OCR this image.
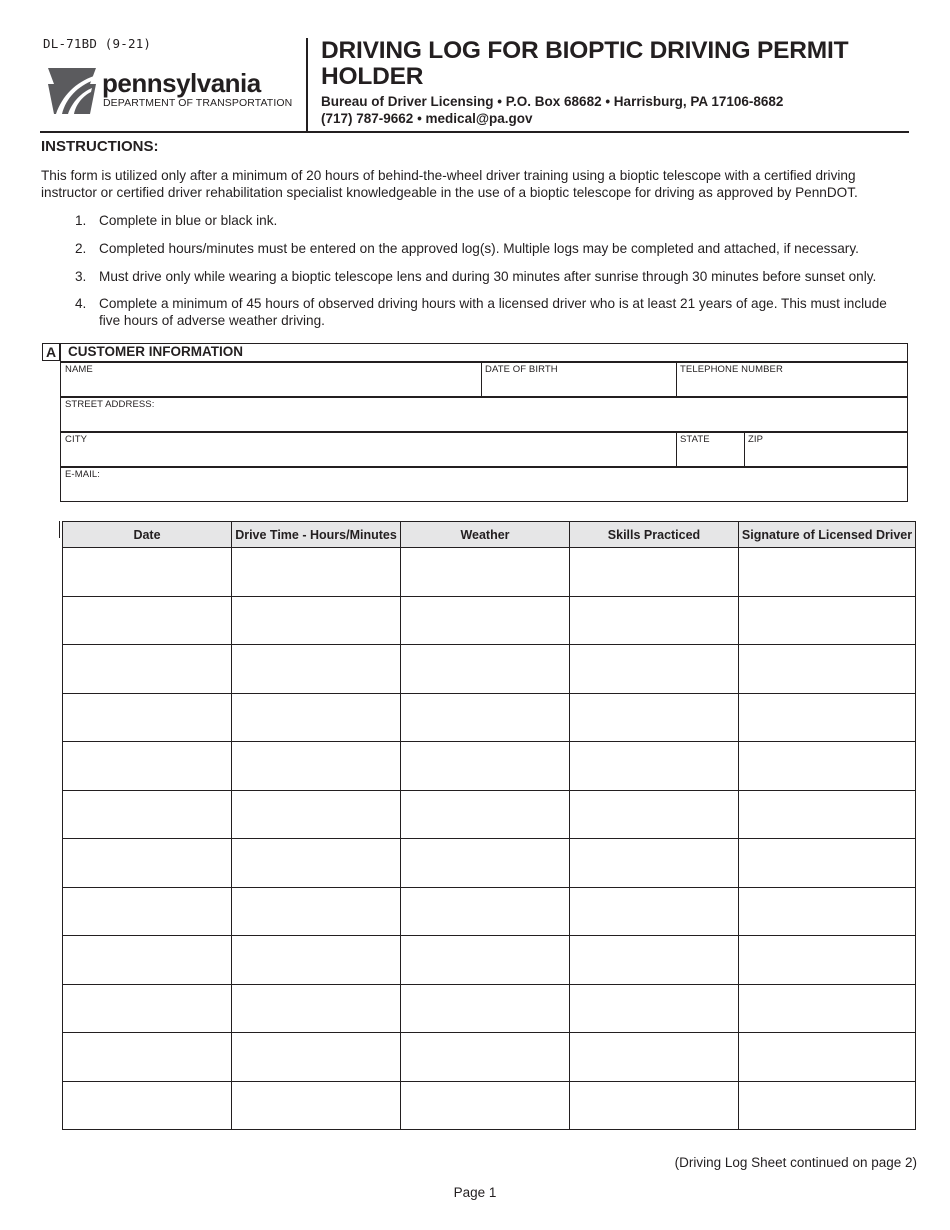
DL-71BD (9-21)
pennsylvania
DEPARTMENT OF TRANSPORTATION
DRIVING LOG FOR BIOPTIC DRIVING PERMIT HOLDER
Bureau of Driver Licensing • P.O. Box 68682 • Harrisburg, PA 17106-8682
(717) 787-9662 • medical@pa.gov
INSTRUCTIONS:
This form is utilized only after a minimum of 20 hours of behind-the-wheel driver training using a bioptic telescope with a certified driving instructor or certified driver rehabilitation specialist knowledgeable in the use of a bioptic telescope for driving as approved by PennDOT.
1. Complete in blue or black ink.
2. Completed hours/minutes must be entered on the approved log(s). Multiple logs may be completed and attached, if necessary.
3. Must drive only while wearing a bioptic telescope lens and during 30 minutes after sunrise through 30 minutes before sunset only.
4. Complete a minimum of 45 hours of observed driving hours with a licensed driver who is at least 21 years of age. This must include five hours of adverse weather driving.
A CUSTOMER INFORMATION
NAME	DATE OF BIRTH	TELEPHONE NUMBER
STREET ADDRESS:
CITY	STATE	ZIP
E-MAIL:
Date	Drive Time - Hours/Minutes	Weather	Skills Practiced	Signature of Licensed Driver

(Driving Log Sheet continued on page 2)
Page 1
